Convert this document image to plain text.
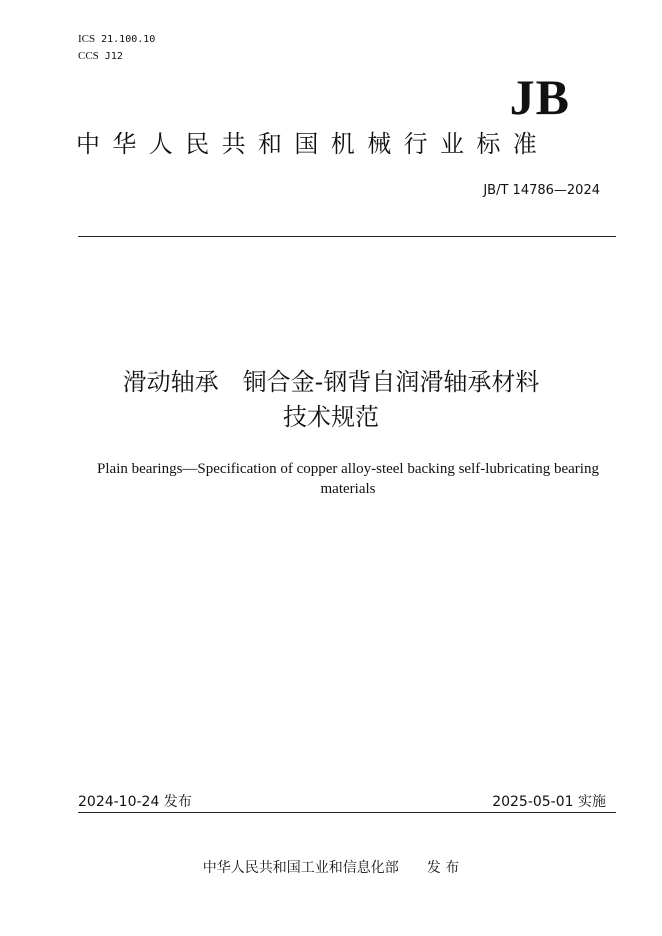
ICS 21.100.10
CCS J12
JB
中华人民共和国机械行业标准
JB/T 14786—2024
滑动轴承　铜合金-钢背自润滑轴承材料
技术规范
Plain bearings—Specification of copper alloy-steel backing self-lubricating bearing materials
2024-10-24 发布	2025-05-01 实施
中华人民共和国工业和信息化部　　发 布
